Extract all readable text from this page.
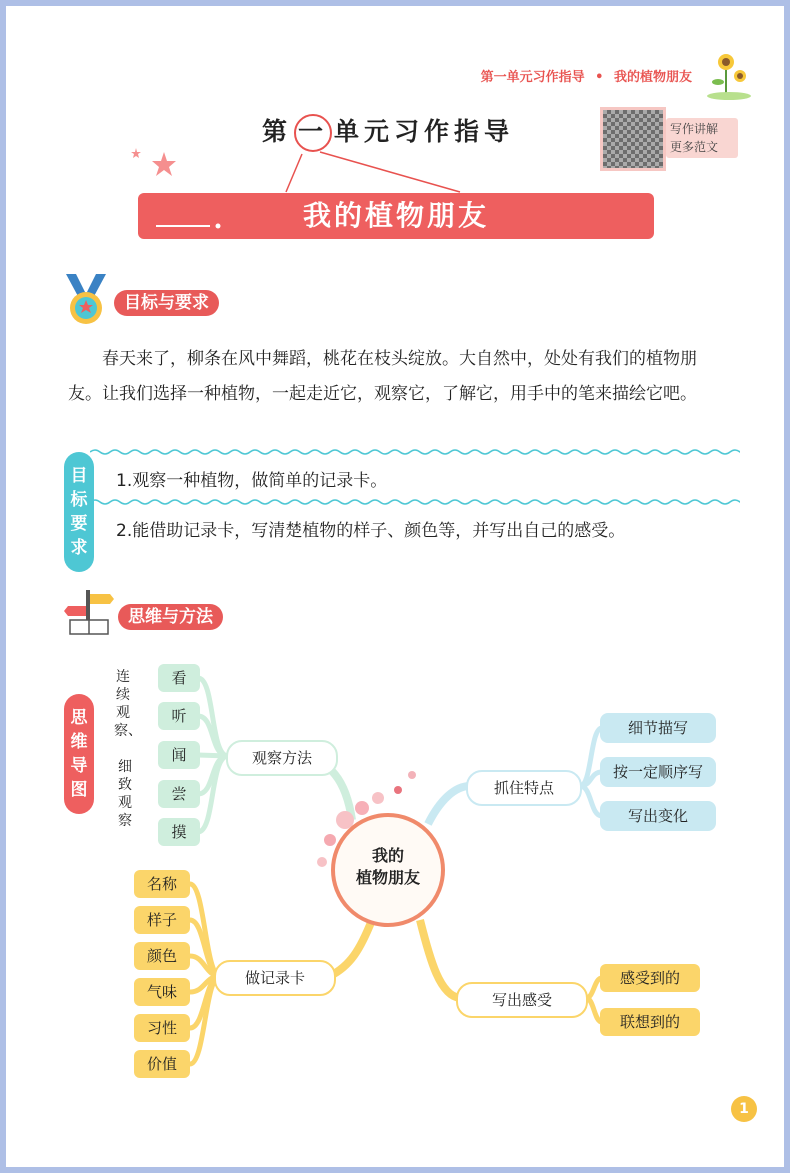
第一单元习作指导 • 我的植物朋友
写作讲解
更多范文
第 一 单元习作指导
我的植物朋友
目标与要求
春天来了，柳条在风中舞蹈，桃花在枝头绽放。大自然中，处处有我们的植物朋友。让我们选择一种植物，一起走近它，观察它，了解它，用手中的笔来描绘它吧。
目
标
要
求
1.观察一种植物，做简单的记录卡。
2.能借助记录卡，写清楚植物的样子、颜色等，并写出自己的感受。
思维与方法
思
维
导
图
我的
植物朋友
连续观察、
细致观察
看
听
闻
尝
摸
观察方法
抓住特点
细节描写
按一定顺序写
写出变化
名称
样子
颜色
气味
习性
价值
做记录卡
写出感受
感受到的
联想到的
1
